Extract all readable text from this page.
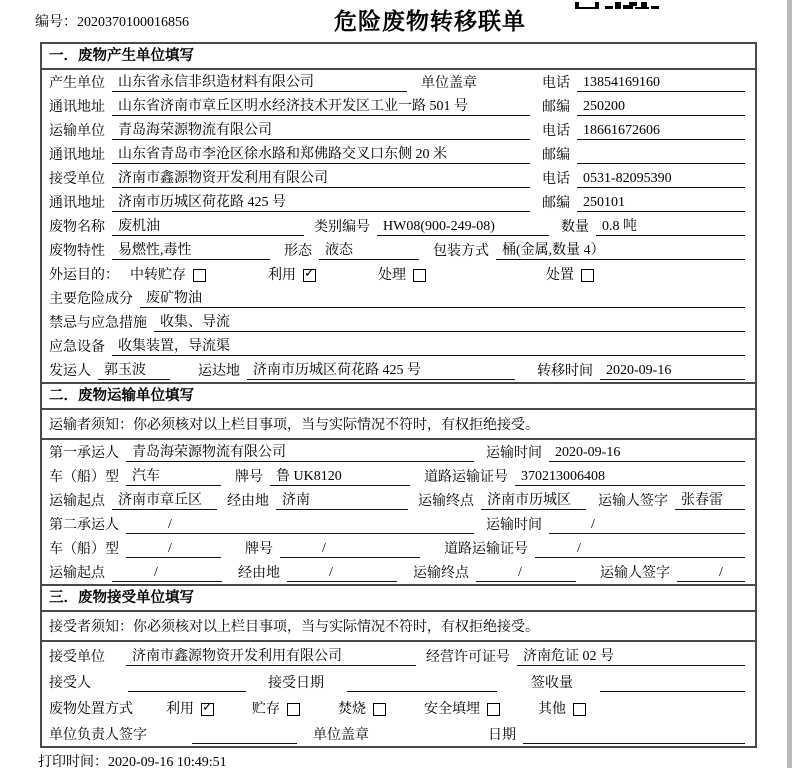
编号：2020370100016856	危险废物转移联单
一．废物产生单位填写
产生单位 山东省永信非织造材料有限公司	单位盖章	电话 13854169160
通讯地址 山东省济南市章丘区明水经济技术开发区工业一路 501 号	邮编 250200
运输单位 青岛海荣源物流有限公司	电话 18661672606
通讯地址 山东省青岛市李沧区徐水路和郑佛路交叉口东侧 20 米	邮编
接受单位 济南市鑫源物资开发利用有限公司	电话 0531-82095390
通讯地址 济南市历城区荷花路 425 号	邮编 250101
废物名称 废机油	类别编号 HW08(900-249-08)	数量 0.8 吨
废物特性 易燃性,毒性	形态 液态	包装方式 桶(金属,数量 4）
外运目的： 中转贮存	利用 ✓	处理	处置
主要危险成分 废矿物油
禁忌与应急措施 收集、导流
应急设备 收集装置，导流渠
发运人 郭玉波	运达地 济南市历城区荷花路 425 号	转移时间 2020-09-16
二．废物运输单位填写
运输者须知：你必须核对以上栏目事项，当与实际情况不符时，有权拒绝接受。
第一承运人 青岛海荣源物流有限公司	运输时间 2020-09-16
车（船）型 汽车	牌号 鲁 UK8120	道路运输证号 370213006408
运输起点 济南市章丘区	经由地 济南	运输终点 济南市历城区	运输人签字 张春雷
第二承运人	/	运输时间	/
车（船）型	/	牌号	/	道路运输证号	/
运输起点	/	经由地	/	运输终点	/	运输人签字	/
三．废物接受单位填写
接受者须知：你必须核对以上栏目事项，当与实际情况不符时，有权拒绝接受。
接受单位	济南市鑫源物资开发利用有限公司	经营许可证号 济南危证 02 号
接受人	接受日期	签收量
废物处置方式	利用 ✓	贮存	焚烧	安全填埋	其他
单位负责人签字	单位盖章	日期
打印时间：2020-09-16 10:49:51
